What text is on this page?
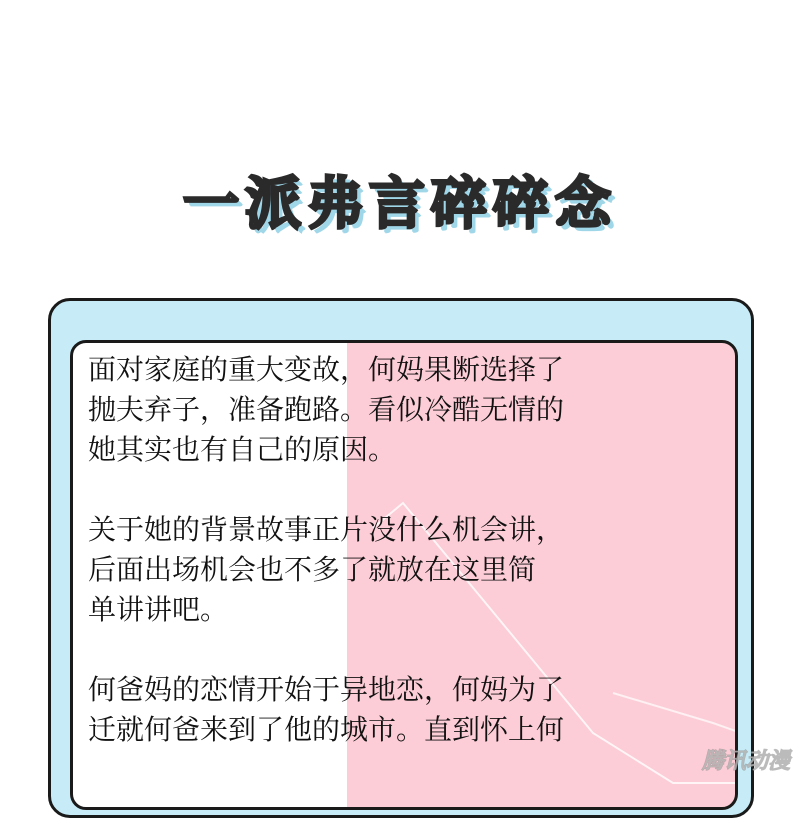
一派弗言碎碎念
面对家庭的重大变故，何妈果断选择了
抛夫弃子，准备跑路。看似冷酷无情的
她其实也有自己的原因。
关于她的背景故事正片没什么机会讲，
后面出场机会也不多了就放在这里简
单讲讲吧。
何爸妈的恋情开始于异地恋，何妈为了
迁就何爸来到了他的城市。直到怀上何
腾讯动漫
